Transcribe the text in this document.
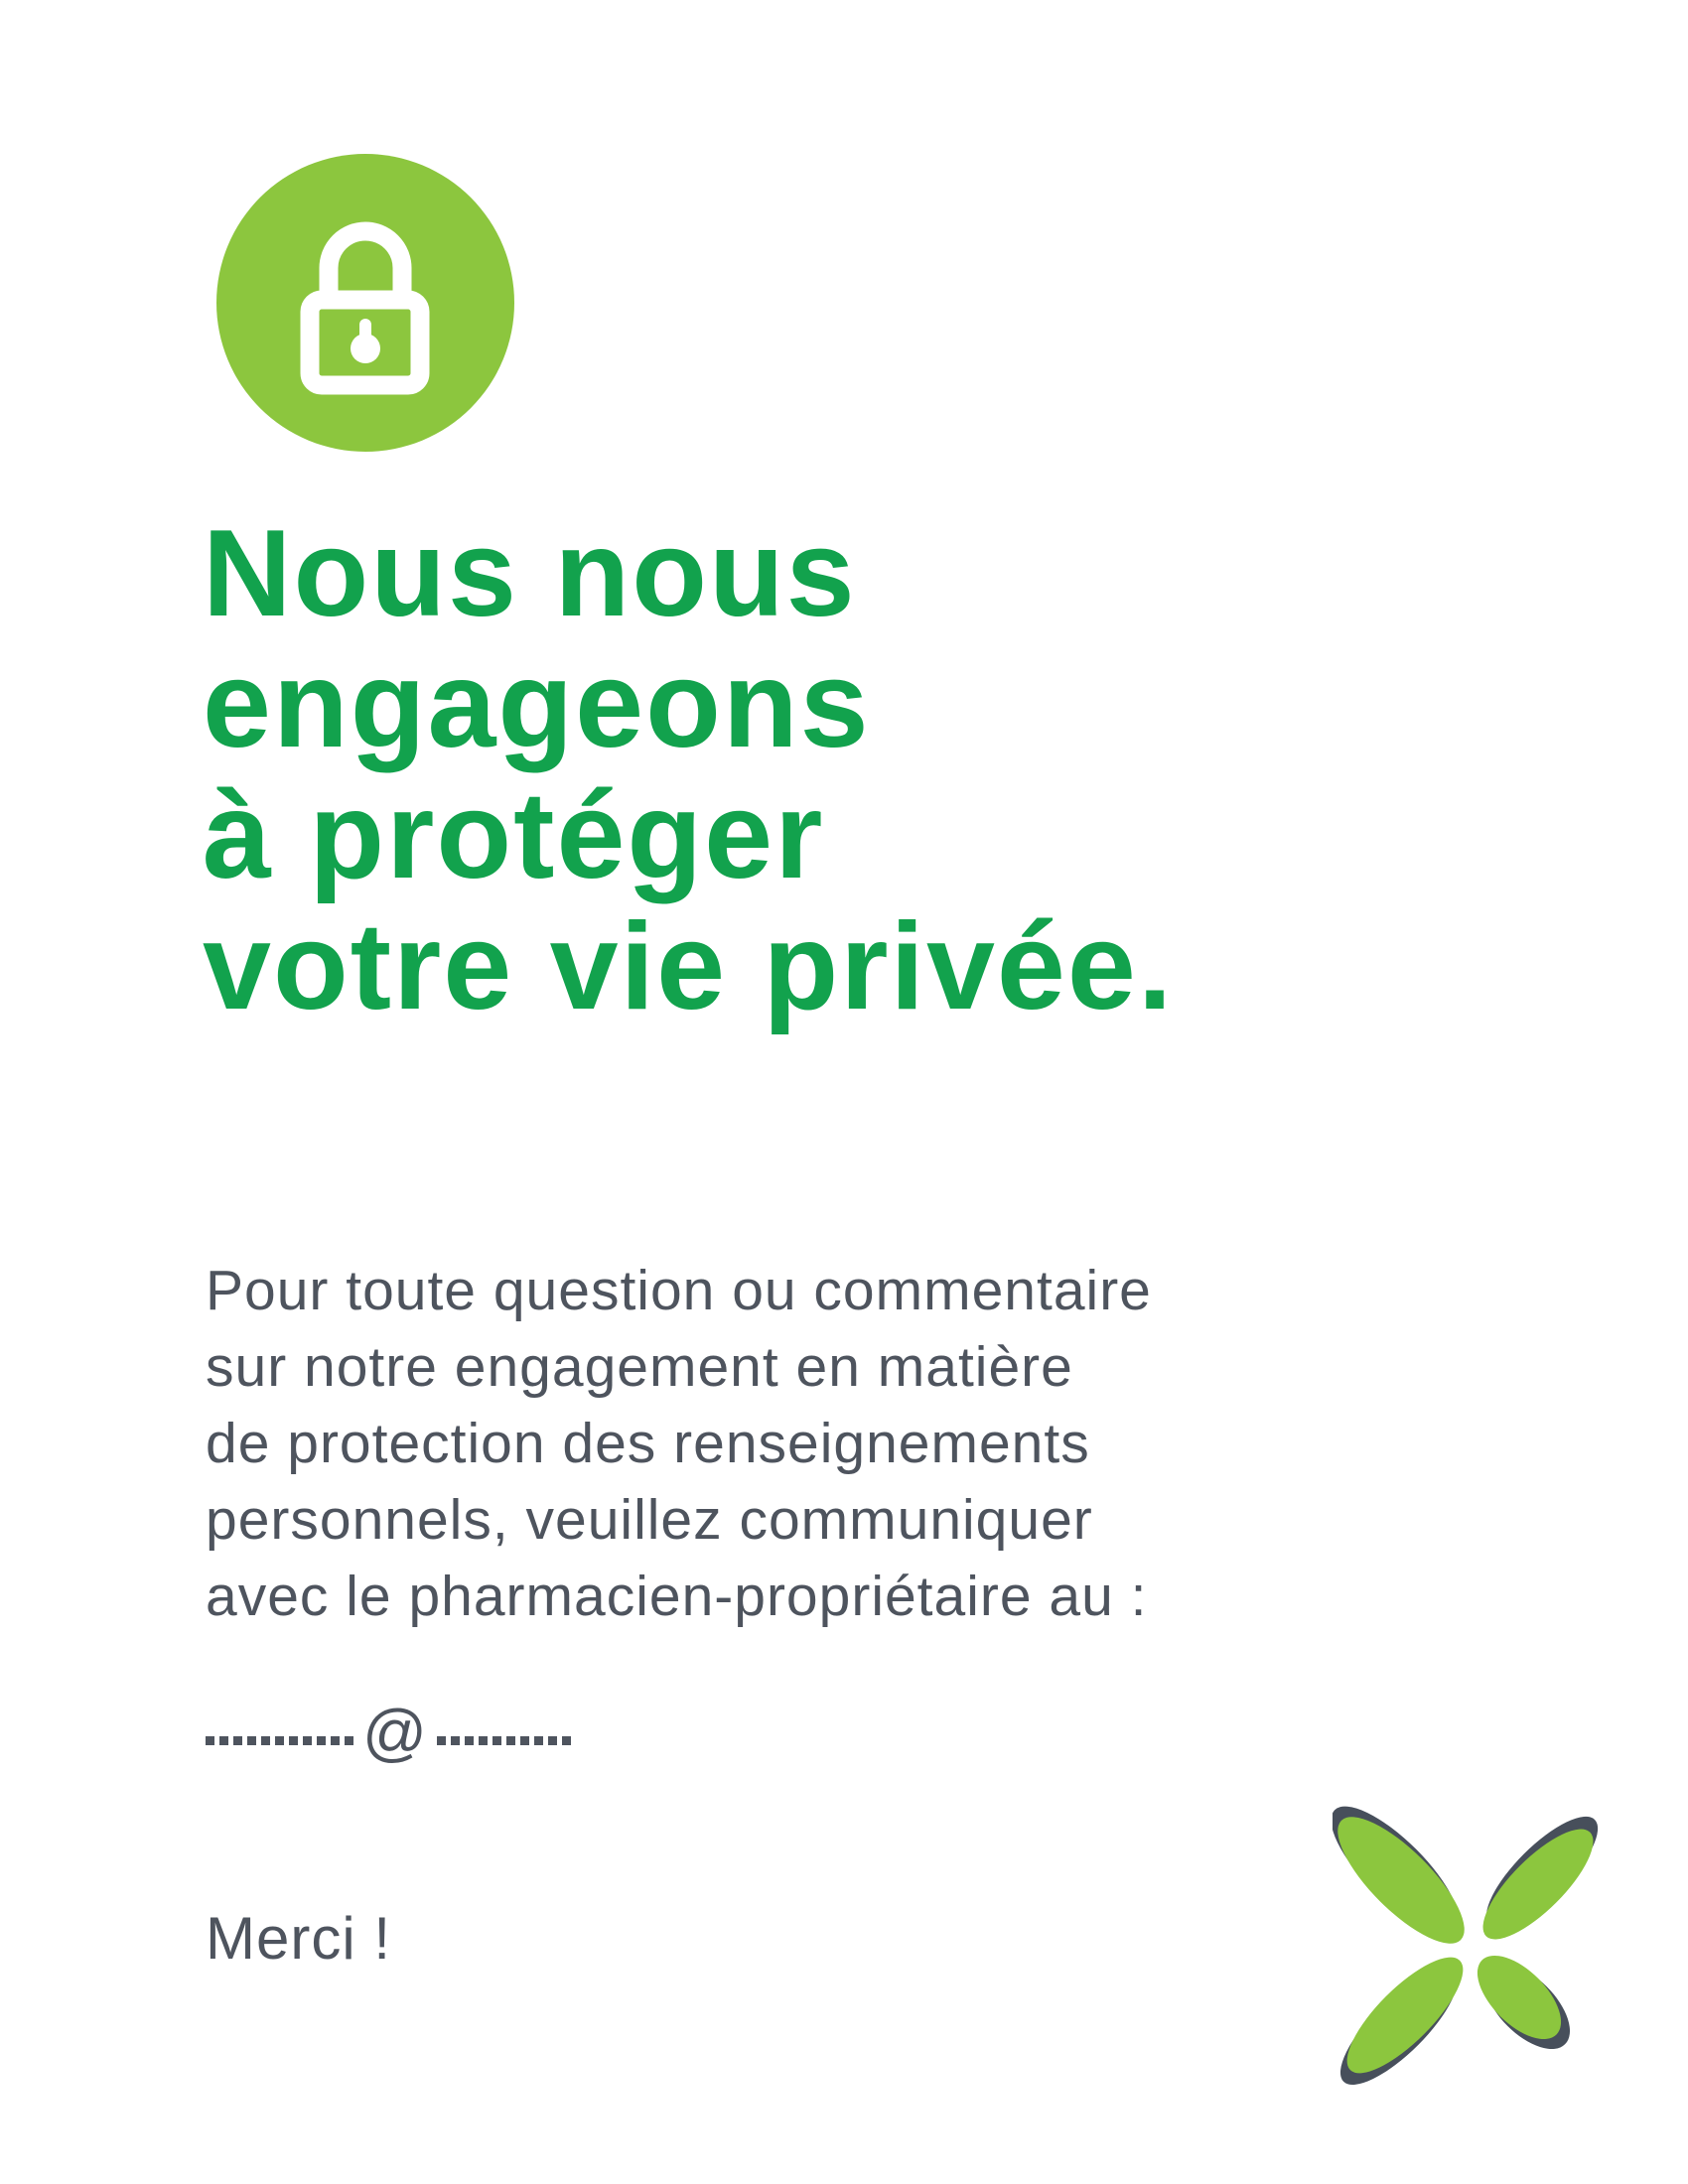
Nous nous
engageons
à protéger
votre vie privée.
Pour toute question ou commentaire
sur notre engagement en matière
de protection des renseignements
personnels, veuillez communiquer
avec le pharmacien-propriétaire au :
@
Merci !
